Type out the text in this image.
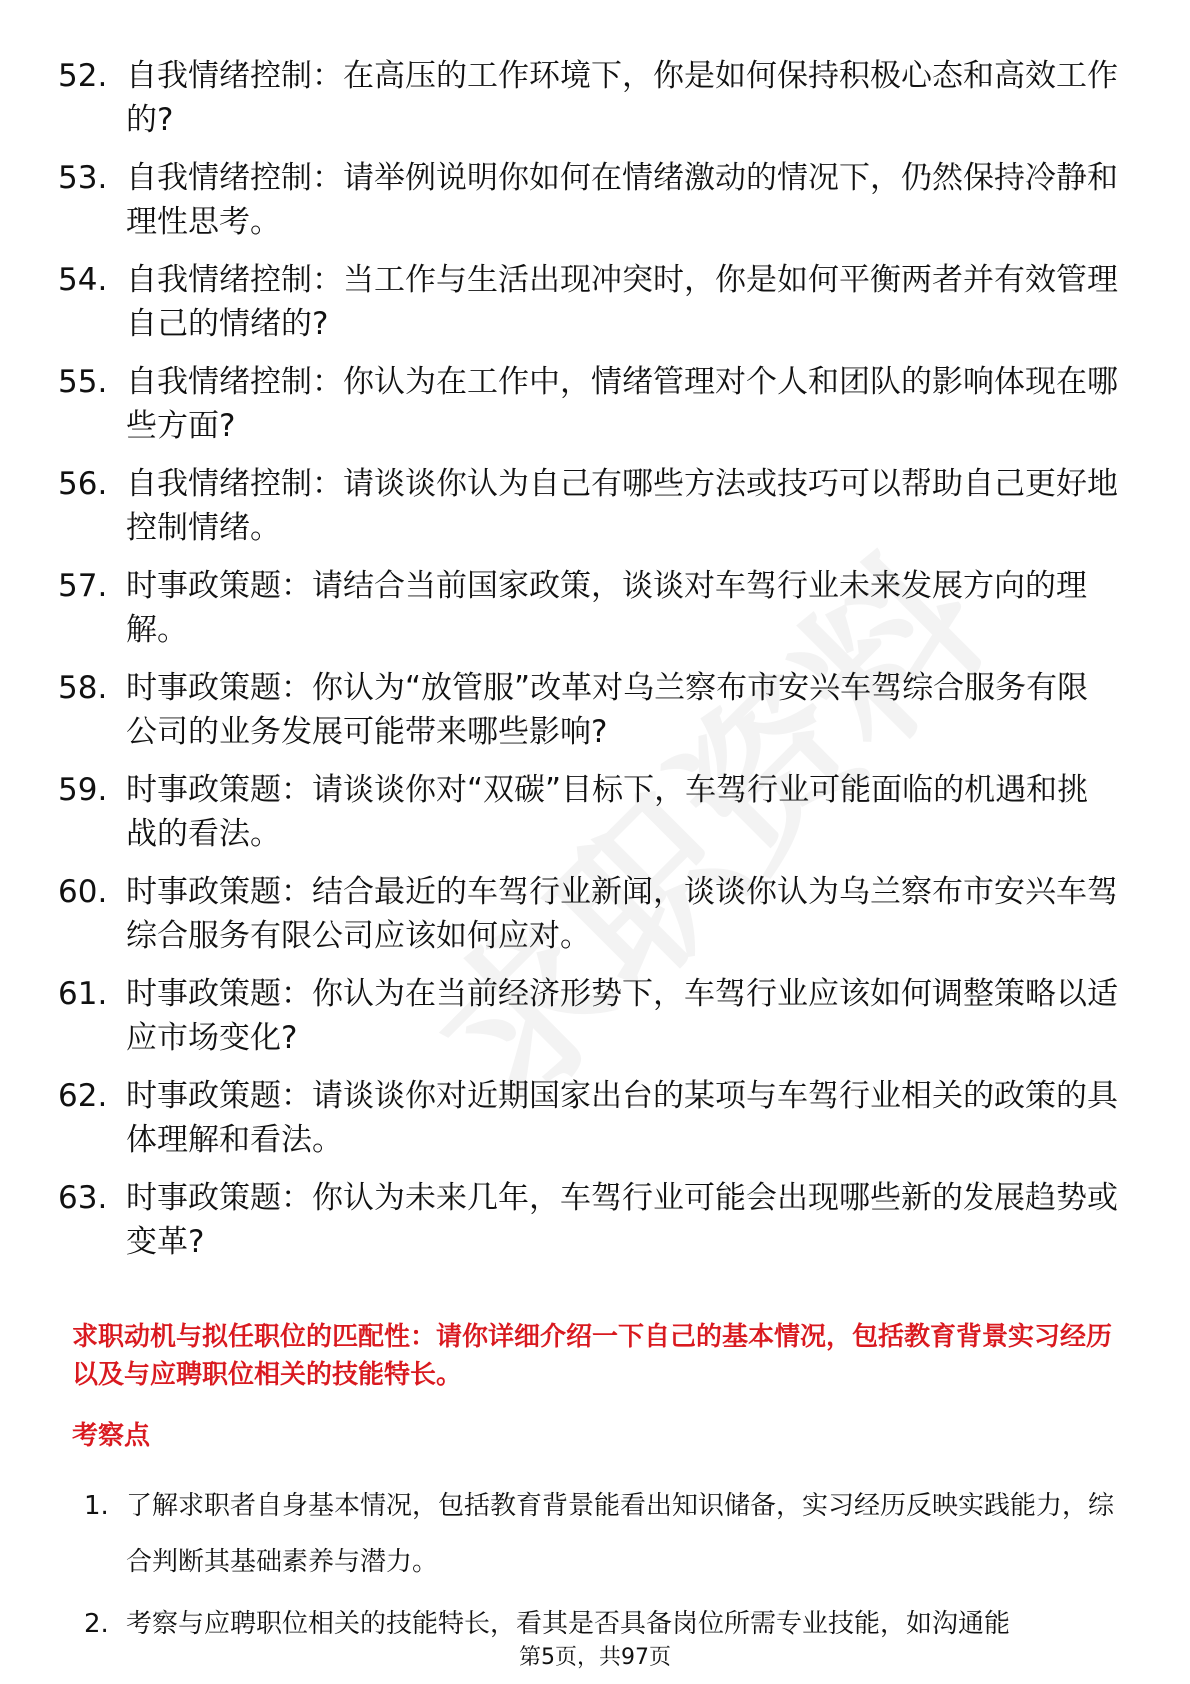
52. 自我情绪控制：在高压的工作环境下，你是如何保持积极心态和高效工作的?
53. 自我情绪控制：请举例说明你如何在情绪激动的情况下，仍然保持冷静和理性思考。
54. 自我情绪控制：当工作与生活出现冲突时，你是如何平衡两者并有效管理自己的情绪的?
55. 自我情绪控制：你认为在工作中，情绪管理对个人和团队的影响体现在哪些方面?
56. 自我情绪控制：请谈谈你认为自己有哪些方法或技巧可以帮助自己更好地控制情绪。
57. 时事政策题：请结合当前国家政策，谈谈对车驾行业未来发展方向的理解。
58. 时事政策题：你认为“放管服”改革对乌兰察布市安兴车驾综合服务有限公司的业务发展可能带来哪些影响?
59. 时事政策题：请谈谈你对“双碳”目标下，车驾行业可能面临的机遇和挑战的看法。
60. 时事政策题：结合最近的车驾行业新闻，谈谈你认为乌兰察布市安兴车驾综合服务有限公司应该如何应对。
61. 时事政策题：你认为在当前经济形势下，车驾行业应该如何调整策略以适应市场变化?
62. 时事政策题：请谈谈你对近期国家出台的某项与车驾行业相关的政策的具体理解和看法。
63. 时事政策题：你认为未来几年，车驾行业可能会出现哪些新的发展趋势或变革?

求职动机与拟任职位的匹配性：请你详细介绍一下自己的基本情况，包括教育背景实习经历以及与应聘职位相关的技能特长。

考察点

1. 了解求职者自身基本情况，包括教育背景能看出知识储备，实习经历反映实践能力，综合判断其基础素养与潜力。
2. 考察与应聘职位相关的技能特长，看其是否具备岗位所需专业技能，如沟通能
第5页，共97页
